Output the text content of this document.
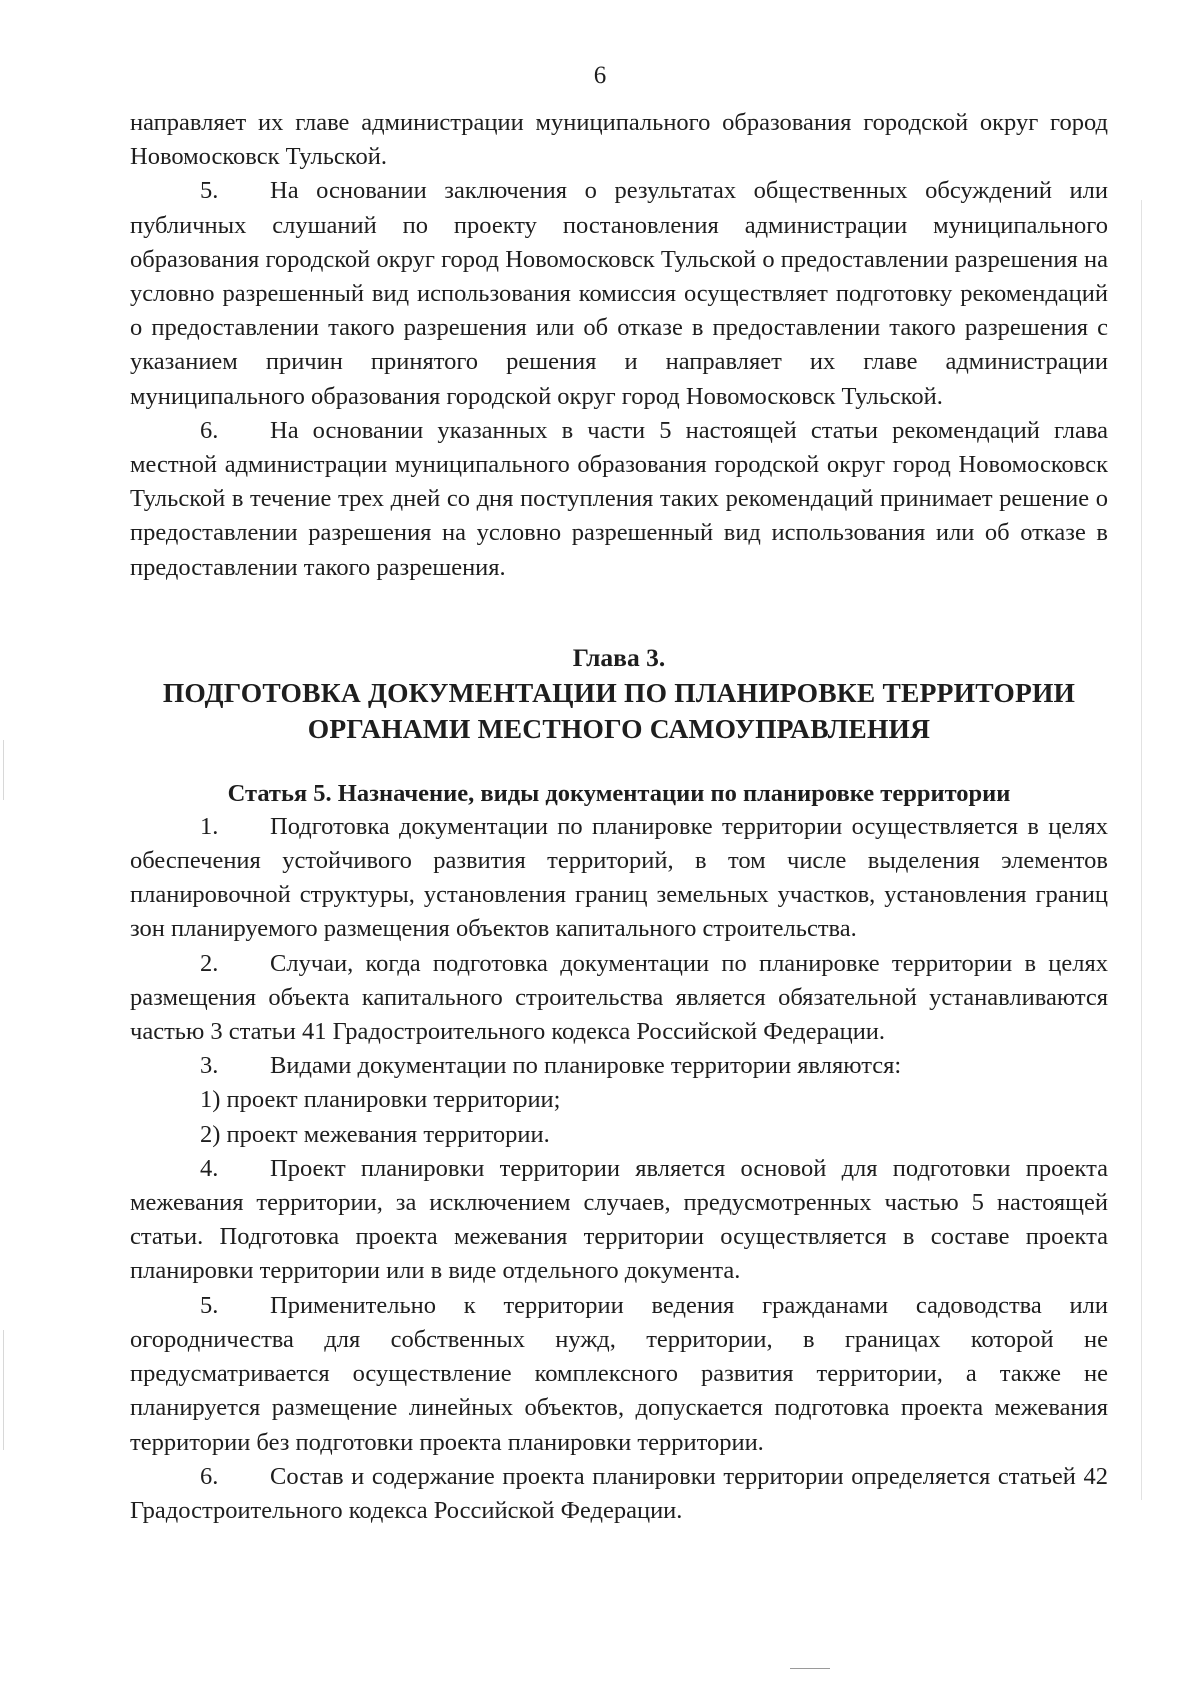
6

направляет их главе администрации муниципального образования городской округ город Новомосковск Тульской.

5. На основании заключения о результатах общественных обсуждений или публичных слушаний по проекту постановления администрации муниципального образования городской округ город Новомосковск Тульской о предоставлении разрешения на условно разрешенный вид использования комиссия осуществляет подготовку рекомендаций о предоставлении такого разрешения или об отказе в предоставлении такого разрешения с указанием причин принятого решения и направляет их главе администрации муниципального образования городской округ город Новомосковск Тульской.

6. На основании указанных в части 5 настоящей статьи рекомендаций глава местной администрации муниципального образования городской округ город Новомосковск Тульской в течение трех дней со дня поступления таких рекомендаций принимает решение о предоставлении разрешения на условно разрешенный вид использования или об отказе в предоставлении такого разрешения.

Глава 3.
ПОДГОТОВКА ДОКУМЕНТАЦИИ ПО ПЛАНИРОВКЕ ТЕРРИТОРИИ
ОРГАНАМИ МЕСТНОГО САМОУПРАВЛЕНИЯ
Статья 5. Назначение, виды документации по планировке территории

1. Подготовка документации по планировке территории осуществляется в целях обеспечения устойчивого развития территорий, в том числе выделения элементов планировочной структуры, установления границ земельных участков, установления границ зон планируемого размещения объектов капитального строительства.

2. Случаи, когда подготовка документации по планировке территории в целях размещения объекта капитального строительства является обязательной устанавливаются частью 3 статьи 41 Градостроительного кодекса Российской Федерации.

3. Видами документации по планировке территории являются:

1) проект планировки территории;

2) проект межевания территории.

4. Проект планировки территории является основой для подготовки проекта межевания территории, за исключением случаев, предусмотренных частью 5 настоящей статьи. Подготовка проекта межевания территории осуществляется в составе проекта планировки территории или в виде отдельного документа.

5. Применительно к территории ведения гражданами садоводства или огородничества для собственных нужд, территории, в границах которой не предусматривается осуществление комплексного развития территории, а также не планируется размещение линейных объектов, допускается подготовка проекта межевания территории без подготовки проекта планировки территории.

6. Состав и содержание проекта планировки территории определяется статьей 42 Градостроительного кодекса Российской Федерации.
